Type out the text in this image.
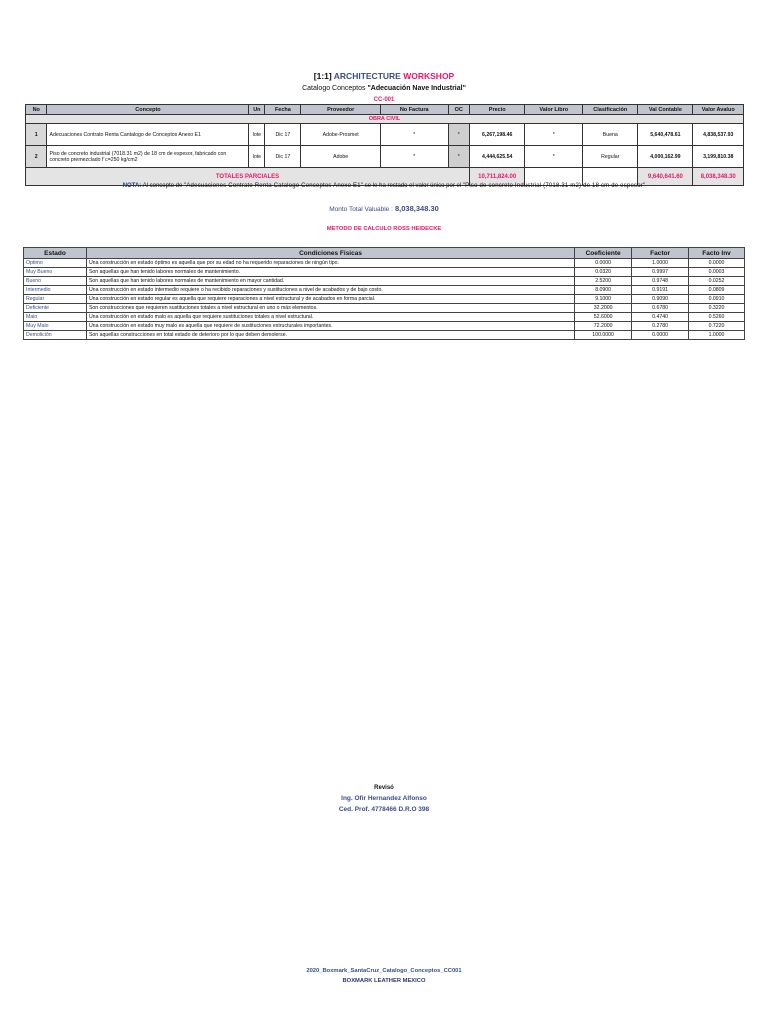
[1:1] ARCHITECTURE WORKSHOP
Catalogo Conceptos "Adecuación Nave Industrial"
CC-001
OBRA CIVIL											
No	Concepto	Un	Fecha	Proveedor	No Factura	OC	Precio	Valor Libro	Clasificación	Val Contable	Valor Avaluo
1	Adecuaciones Contrato Renta Cantalogo de Conceptos Anexo E1	lote	Dic 17	Adobe-Prosmet	*	*	6,267,198.46	*	Buena	5,640,478.61	4,838,537.93
2	Piso de concreto industrial (7018.31 m2) de 18 cm de espesor, fabricado con concreto premezclado f´c=250 kg/cm2	lote	Dic 17	Adobe	*	*	4,444,625.54	*	Regular	4,000,162.99	3,199,810.38
TOTALES PARCIALES							10,711,824.00			9,640,641.60	8,038,348.30
NOTA: Al concepto de "Adecuaciones Contrato Renta Catalogo Conceptos Anexo E1" se le ha restado el valor único por el "Piso de concreto Industrial (7018.31 m2) de 18 cm de espesor"
Monto Total Valuable : 8,038,348.30
METODO DE CALCULO ROSS HEIDECKE
Estado	Condiciones Fisicas	Coeficiente	Factor	Facto Inv
Optimo	Una construcción en estado óptimo es aquella que por su edad no ha requerido reparaciones de ningún tipo.	0.0000	1.0000	0.0000
Muy Bueno	Son aquellas que han tenido labores normales de mantenimiento.	0.0320	0.9997	0.0003
Bueno	Son aquellas que han tenido labores normales de mantenimiento en mayor cantidad.	2.5200	0.9748	0.0252
Intermedio	Una construcción en estado intermedio requiere o ha recibido reparaciones y sustituciones a nivel de acabados y de bajo costo.	8.0900	0.9191	0.0809
Regular	Una construcción en estado regular es aquella que requiere reparaciones a nivel estructural y de acabados en forma parcial.	9.1000	0.9090	0.0910
Deficiente	Son construcciones que requieren sustituciones totales a nivel estructural en uno o más elementos.	32.2000	0.6780	0.3220
Malo	Una construcción en estado malo es aquella que requiere sustituciones totales a nivel estructural.	52.6000	0.4740	0.5260
Muy Malo	Una construcción en estado muy malo es aquella que requiere de sustituciones estructurales importantes.	72.2000	0.2780	0.7220
Demolición	Son aquellas construcciones en total estado de deterioro por lo que deben demolerse.	100.0000	0.0000	1.0000
Revisó
Ing. Ofir Hernandez Alfonso
Ced. Prof. 4778466 D.R.O 398
2020_Boxmark_SantaCruz_Catalogo_Conceptos_CC001
BOXMARK LEATHER MEXICO
